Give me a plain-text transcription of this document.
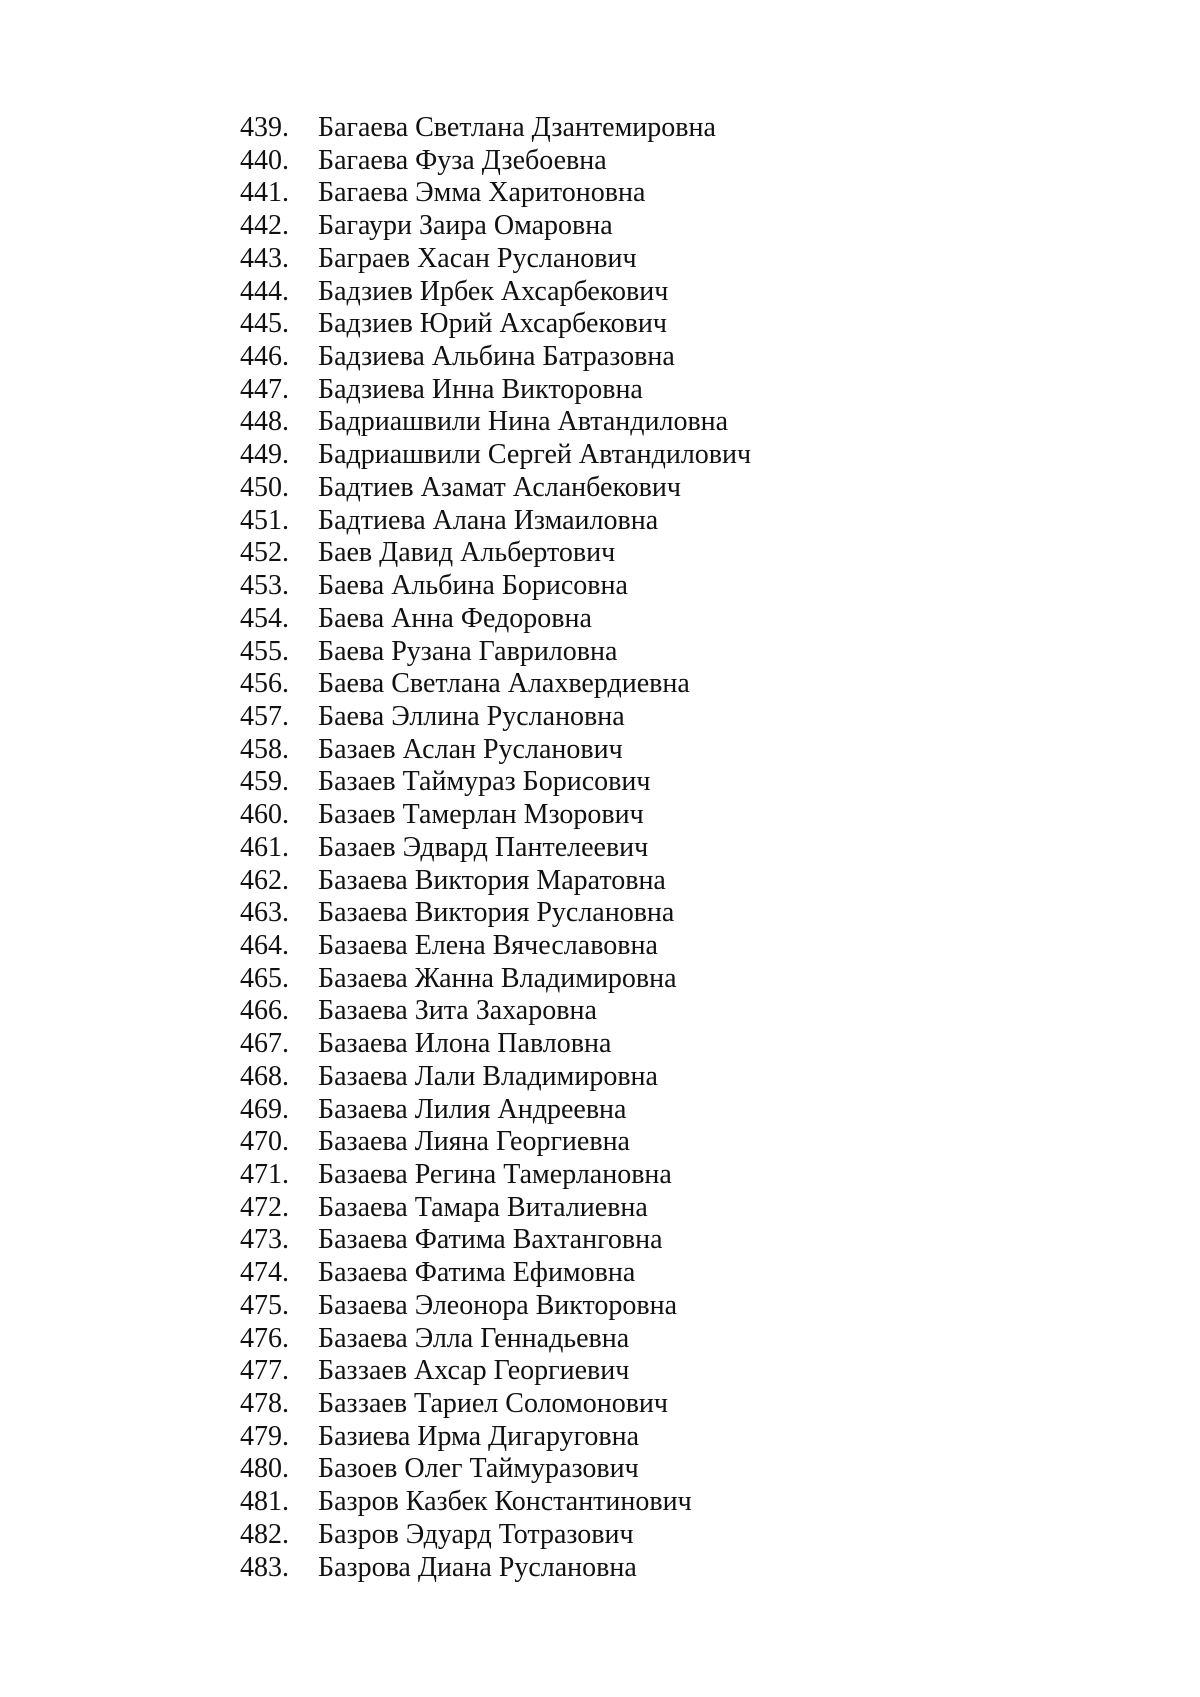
439.	Багаева Светлана Дзантемировна
440.	Багаева Фуза Дзебоевна
441.	Багаева Эмма Харитоновна
442.	Багаури Заира Омаровна
443.	Баграев Хасан Русланович
444.	Бадзиев Ирбек Ахсарбекович
445.	Бадзиев Юрий Ахсарбекович
446.	Бадзиева Альбина Батразовна
447.	Бадзиева Инна Викторовна
448.	Бадриашвили Нина Автандиловна
449.	Бадриашвили Сергей Автандилович
450.	Бадтиев Азамат Асланбекович
451.	Бадтиева Алана Измаиловна
452.	Баев Давид Альбертович
453.	Баева Альбина Борисовна
454.	Баева Анна Федоровна
455.	Баева Рузана Гавриловна
456.	Баева Светлана Алахвердиевна
457.	Баева Эллина Руслановна
458.	Базаев Аслан Русланович
459.	Базаев Таймураз Борисович
460.	Базаев Тамерлан Мзорович
461.	Базаев Эдвард Пантелеевич
462.	Базаева Виктория Маратовна
463.	Базаева Виктория Руслановна
464.	Базаева Елена Вячеславовна
465.	Базаева Жанна Владимировна
466.	Базаева Зита Захаровна
467.	Базаева Илона Павловна
468.	Базаева Лали Владимировна
469.	Базаева Лилия Андреевна
470.	Базаева Лияна Георгиевна
471.	Базаева Регина Тамерлановна
472.	Базаева Тамара Виталиевна
473.	Базаева Фатима Вахтанговна
474.	Базаева Фатима Ефимовна
475.	Базаева Элеонора Викторовна
476.	Базаева Элла Геннадьевна
477.	Баззаев Ахсар Георгиевич
478.	Баззаев Тариел Соломонович
479.	Базиева Ирма Дигаруговна
480.	Базоев Олег Таймуразович
481.	Базров Казбек Константинович
482.	Базров Эдуард Тотразович
483.	Базрова Диана Руслановна
